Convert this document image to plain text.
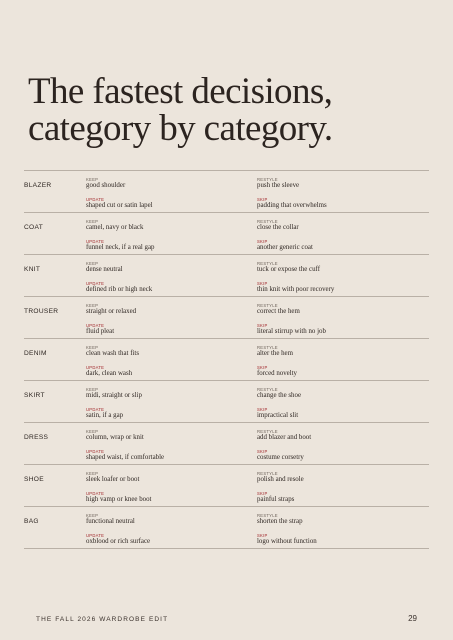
The fastest decisions,
category by category.
BLAZER
KEEP
good shoulder
UPDATE
shaped cut or satin lapel
RESTYLE
push the sleeve
SKIP
padding that overwhelms
COAT
KEEP
camel, navy or black
UPDATE
funnel neck, if a real gap
RESTYLE
close the collar
SKIP
another generic coat
KNIT
KEEP
dense neutral
UPDATE
defined rib or high neck
RESTYLE
tuck or expose the cuff
SKIP
thin knit with poor recovery
TROUSER
KEEP
straight or relaxed
UPDATE
fluid pleat
RESTYLE
correct the hem
SKIP
literal stirrup with no job
DENIM
KEEP
clean wash that fits
UPDATE
dark, clean wash
RESTYLE
alter the hem
SKIP
forced novelty
SKIRT
KEEP
midi, straight or slip
UPDATE
satin, if a gap
RESTYLE
change the shoe
SKIP
impractical slit
DRESS
KEEP
column, wrap or knit
UPDATE
shaped waist, if comfortable
RESTYLE
add blazer and boot
SKIP
costume corsetry
SHOE
KEEP
sleek loafer or boot
UPDATE
high vamp or knee boot
RESTYLE
polish and resole
SKIP
painful straps
BAG
KEEP
functional neutral
UPDATE
oxblood or rich surface
RESTYLE
shorten the strap
SKIP
logo without function
THE FALL 2026 WARDROBE EDIT	29
